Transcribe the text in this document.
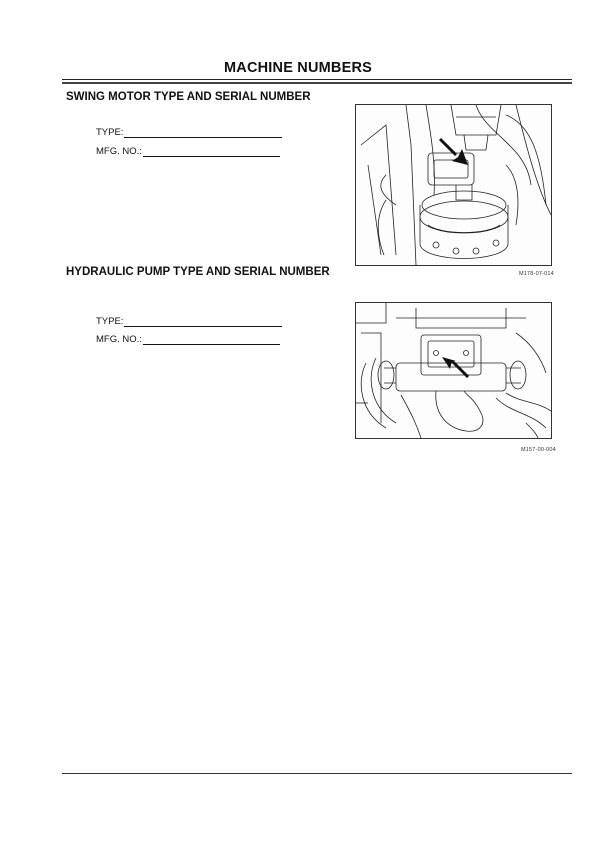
MACHINE NUMBERS
SWING MOTOR TYPE AND SERIAL NUMBER
TYPE:
MFG. NO.:
M178-07-014
HYDRAULIC PUMP TYPE AND SERIAL NUMBER
TYPE:
MFG. NO.:
M157-00-004
